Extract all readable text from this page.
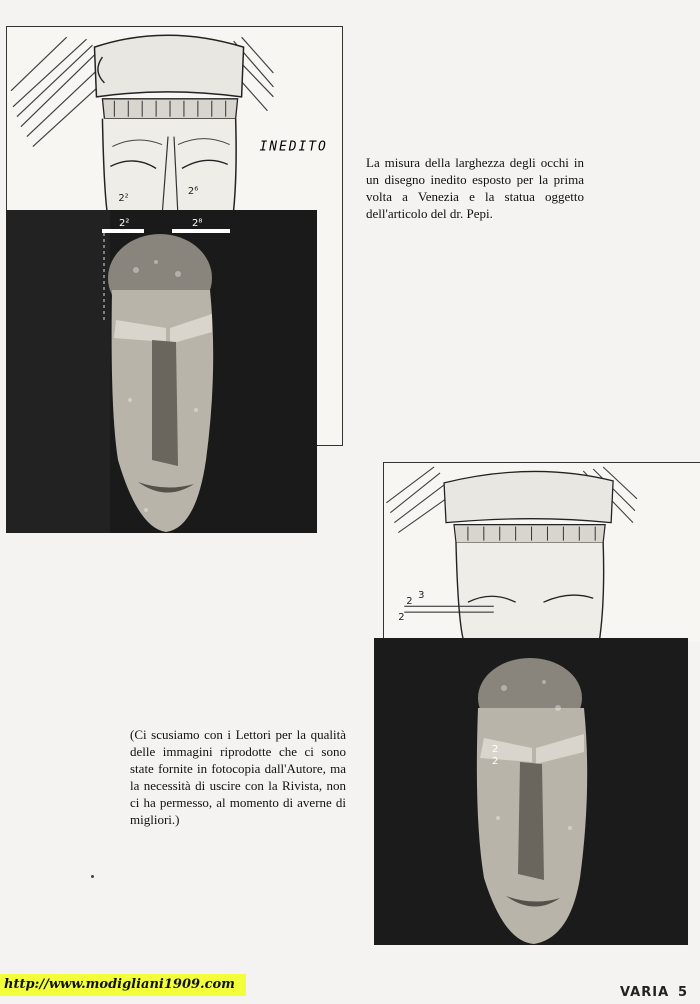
2²
2⁶
INEDITO
2²	2⁸
La misura della larghezza degli occhi in un disegno inedito esposto per la prima volta a Venezia e la statua oggetto dell'articolo del dr. Pepi.
3
2
2
2
2
(Ci scusiamo con i Lettori per la qualità delle immagini riprodotte che ci sono state fornite in fotocopia dall'Autore, ma la necessità di uscire con la Rivista, non ci ha permesso, al momento di averne di migliori.)
http://www.modigliani1909.com
VARIA 5
